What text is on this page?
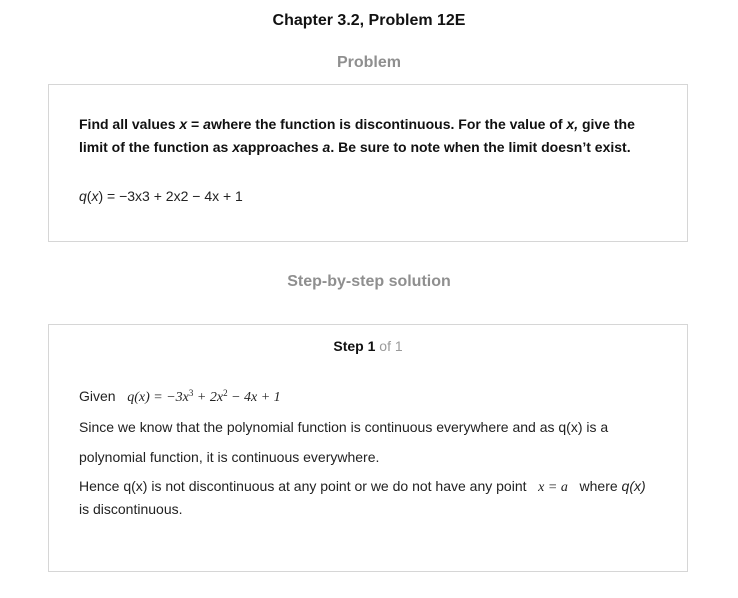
Chapter 3.2, Problem 12E
Problem
Find all values x = awhere the function is discontinuous. For the value of x, give the limit of the function as xapproaches a. Be sure to note when the limit doesn’t exist.
q(x) = −3x3 + 2x2 − 4x + 1
Step-by-step solution
Step 1 of 1
Given $q(x) = -3x^3 + 2x^2 - 4x + 1$
Since we know that the polynomial function is continuous everywhere and as q(x) is a
polynomial function, it is continuous everywhere.
Hence q(x) is not discontinuous at any point or we do not have any point x = a where q(x)
is discontinuous.
